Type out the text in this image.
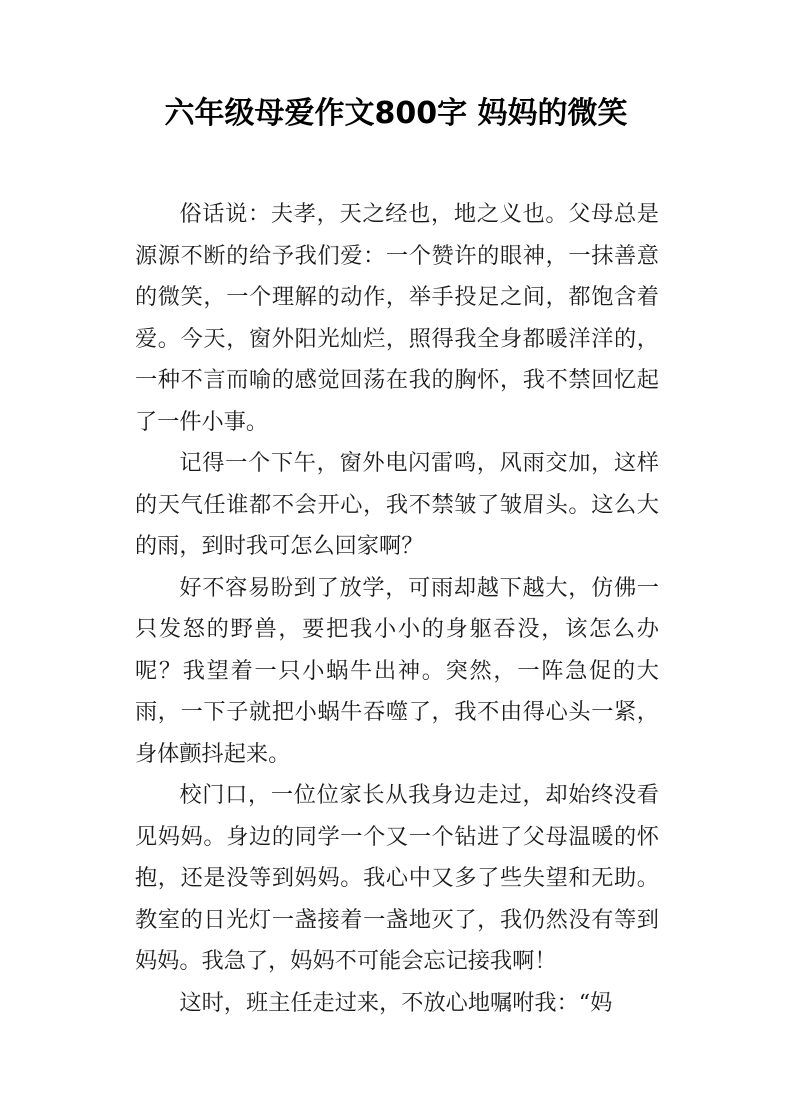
六年级母爱作文800字 妈妈的微笑

俗话说：夫孝，天之经也，地之义也。父母总是源源不断的给予我们爱：一个赞许的眼神，一抹善意的微笑，一个理解的动作，举手投足之间，都饱含着爱。今天，窗外阳光灿烂，照得我全身都暖洋洋的，一种不言而喻的感觉回荡在我的胸怀，我不禁回忆起了一件小事。

记得一个下午，窗外电闪雷鸣，风雨交加，这样的天气任谁都不会开心，我不禁皱了皱眉头。这么大的雨，到时我可怎么回家啊？

好不容易盼到了放学，可雨却越下越大，仿佛一只发怒的野兽，要把我小小的身躯吞没，该怎么办呢？我望着一只小蜗牛出神。突然，一阵急促的大雨，一下子就把小蜗牛吞噬了，我不由得心头一紧，身体颤抖起来。

校门口，一位位家长从我身边走过，却始终没看见妈妈。身边的同学一个又一个钻进了父母温暖的怀抱，还是没等到妈妈。我心中又多了些失望和无助。教室的日光灯一盏接着一盏地灭了，我仍然没有等到妈妈。我急了，妈妈不可能会忘记接我啊！

这时，班主任走过来，不放心地嘱咐我：“妈
